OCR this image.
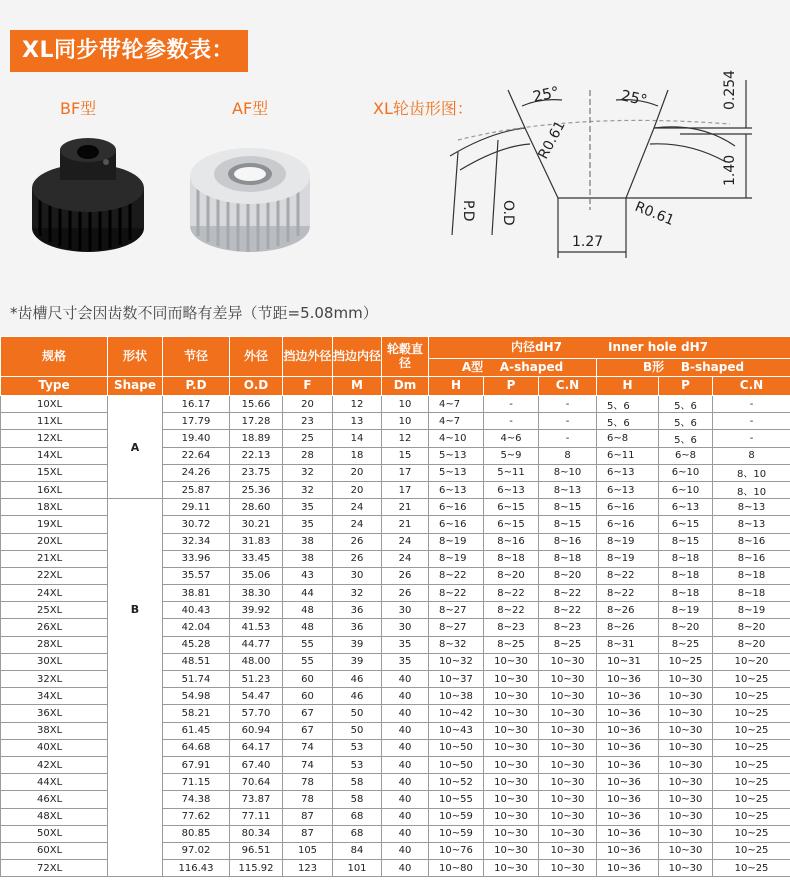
XL同步带轮参数表：
BF型	AF型	XL轮齿形图：
25°	25°	0.254
1.40
R0.61
R0.61
1.27
P.D O.D
*齿槽尺寸会因齿数不同而略有差异（节距=5.08mm）
规格	形状	节径	外径	挡边外径	挡边内径	轮毂直径	内径dH7           Inner hole dH7					
							A型    A-shaped			B形    B-shaped		
Type	Shape	P.D	O.D	F	M	Dm	H	P	C.N	H	P	C.N
10XL	A	16.17	15.66	20	12	10	4~7	-	-	5、6	5、6	-
11XL		17.79	17.28	23	13	10	4~7	-	-	5、6	5、6	-
12XL		19.40	18.89	25	14	12	4~10	4~6	-	6~8	5、6	-
14XL		22.64	22.13	28	18	15	5~13	5~9	8	6~11	6~8	8
15XL		24.26	23.75	32	20	17	5~13	5~11	8~10	6~13	6~10	8、10
16XL		25.87	25.36	32	20	17	6~13	6~13	8~13	6~13	6~10	8、10
18XL	B	29.11	28.60	35	24	21	6~16	6~15	8~15	6~16	6~13	8~13
19XL		30.72	30.21	35	24	21	6~16	6~15	8~15	6~16	6~15	8~13
20XL		32.34	31.83	38	26	24	8~19	8~16	8~16	8~19	8~15	8~16
21XL		33.96	33.45	38	26	24	8~19	8~18	8~18	8~19	8~18	8~16
22XL		35.57	35.06	43	30	26	8~22	8~20	8~20	8~22	8~18	8~18
24XL		38.81	38.30	44	32	26	8~22	8~22	8~22	8~22	8~18	8~18
25XL		40.43	39.92	48	36	30	8~27	8~22	8~22	8~26	8~19	8~19
26XL		42.04	41.53	48	36	30	8~27	8~23	8~23	8~26	8~20	8~20
28XL		45.28	44.77	55	39	35	8~32	8~25	8~25	8~31	8~25	8~20
30XL		48.51	48.00	55	39	35	10~32	10~30	10~30	10~31	10~25	10~20
32XL		51.74	51.23	60	46	40	10~37	10~30	10~30	10~36	10~30	10~25
34XL		54.98	54.47	60	46	40	10~38	10~30	10~30	10~36	10~30	10~25
36XL		58.21	57.70	67	50	40	10~42	10~30	10~30	10~36	10~30	10~25
38XL		61.45	60.94	67	50	40	10~43	10~30	10~30	10~36	10~30	10~25
40XL		64.68	64.17	74	53	40	10~50	10~30	10~30	10~36	10~30	10~25
42XL		67.91	67.40	74	53	40	10~50	10~30	10~30	10~36	10~30	10~25
44XL		71.15	70.64	78	58	40	10~52	10~30	10~30	10~36	10~30	10~25
46XL		74.38	73.87	78	58	40	10~55	10~30	10~30	10~36	10~30	10~25
48XL		77.62	77.11	87	68	40	10~59	10~30	10~30	10~36	10~30	10~25
50XL		80.85	80.34	87	68	40	10~59	10~30	10~30	10~36	10~30	10~25
60XL		97.02	96.51	105	84	40	10~76	10~30	10~30	10~36	10~30	10~25
72XL		116.43	115.92	123	101	40	10~80	10~30	10~30	10~36	10~30	10~25
